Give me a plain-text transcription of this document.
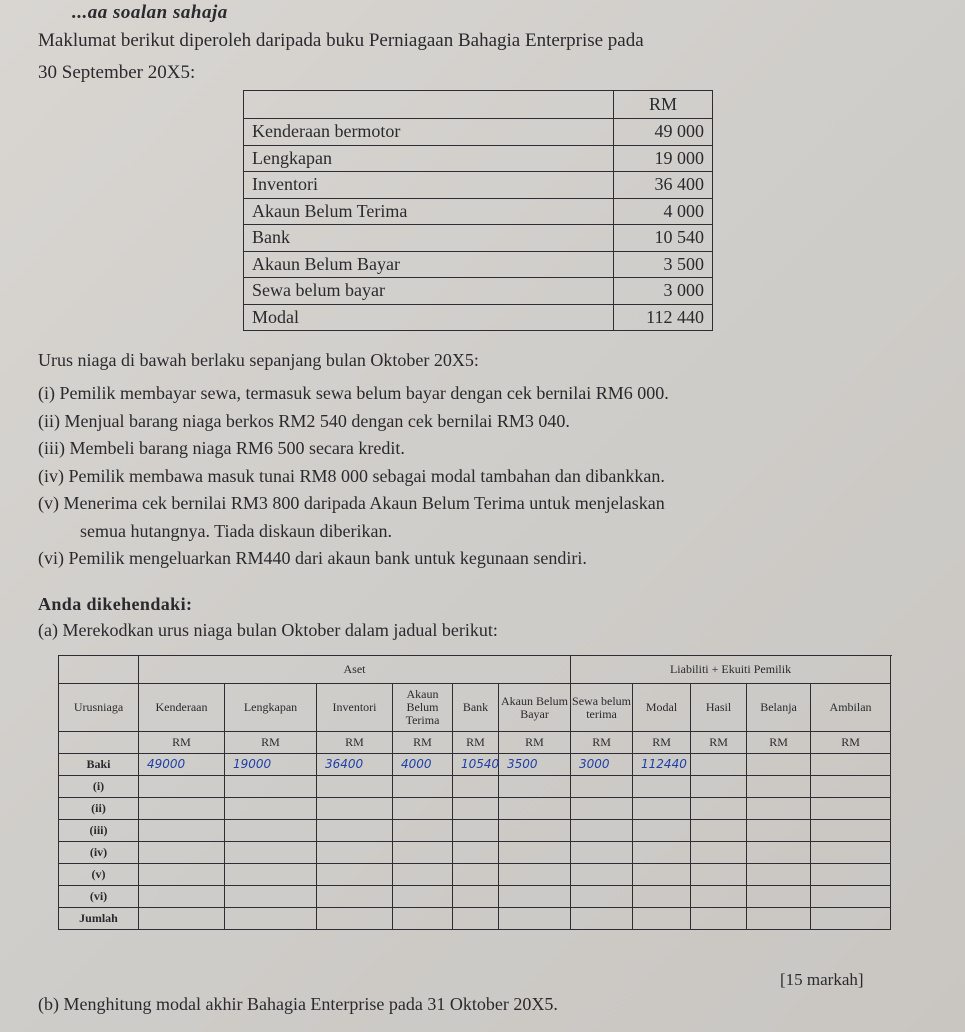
...aa soalan sahaja
Maklumat berikut diperoleh daripada buku Perniagaan Bahagia Enterprise pada
30 September 20X5:
	RM
Kenderaan bermotor	49 000
Lengkapan	19 000
Inventori	36 400
Akaun Belum Terima	4 000
Bank	10 540
Akaun Belum Bayar	3 500
Sewa belum bayar	3 000
Modal	112 440
Urus niaga di bawah berlaku sepanjang bulan Oktober 20X5:
(i) Pemilik membayar sewa, termasuk sewa belum bayar dengan cek bernilai RM6 000.
(ii) Menjual barang niaga berkos RM2 540 dengan cek bernilai RM3 040.
(iii) Membeli barang niaga RM6 500 secara kredit.
(iv) Pemilik membawa masuk tunai RM8 000 sebagai modal tambahan dan dibankkan.
(v) Menerima cek bernilai RM3 800 daripada Akaun Belum Terima untuk menjelaskan
semua hutangnya. Tiada diskaun diberikan.
(vi) Pemilik mengeluarkan RM440 dari akaun bank untuk kegunaan sendiri.
Anda dikehendaki:
(a) Merekodkan urus niaga bulan Oktober dalam jadual berikut:
	Aset						Liabiliti + Ekuiti Pemilik				
Urusniaga	Kenderaan	Lengkapan	Inventori	Akaun Belum Terima	Bank	Akaun Belum Bayar	Sewa belum terima	Modal	Hasil	Belanja	Ambilan
	RM	RM	RM	RM	RM	RM	RM	RM	RM	RM	RM
Baki	49000	19000	36400	4000	10540	3500	3000	112440			
(i)											
(ii)											
(iii)											
(iv)											
(v)											
(vi)											
Jumlah											
[15 markah]
(b) Menghitung modal akhir Bahagia Enterprise pada 31 Oktober 20X5.
